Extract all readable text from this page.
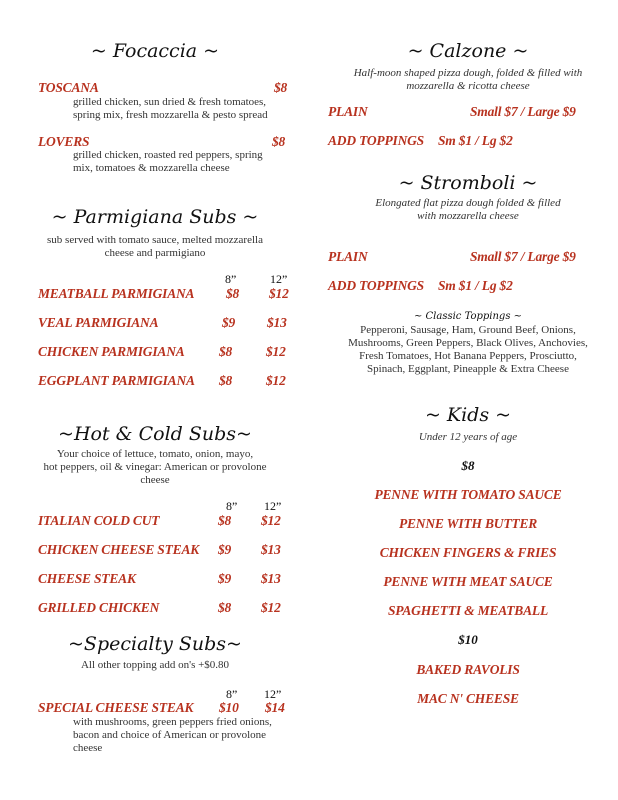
~ Focaccia ~
TOSCANA	$8
grilled chicken, sun dried & fresh tomatoes,
spring mix, fresh mozzarella & pesto spread
LOVERS	$8
grilled chicken, roasted red peppers, spring
mix, tomatoes & mozzarella cheese
~ Parmigiana Subs ~
sub served with tomato sauce, melted mozzarella
cheese and parmigiano
8”	12”
MEATBALL PARMIGIANA $8 $12
VEAL PARMIGIANA	$9 $13
CHICKEN PARMIGIANA	$8	$12
EGGPLANT PARMIGIANA $8	$12
~Hot & Cold Subs~
Your choice of lettuce, tomato, onion, mayo,
hot peppers, oil & vinegar: American or provolone
cheese
8” 12”
ITALIAN COLD CUT	$8 $12
CHICKEN CHEESE STEAK $9 $13
CHEESE STEAK	$9 $13
GRILLED CHICKEN	$8 $12
~Specialty Subs~
All other topping add on's +$0.80
8” 12”
SPECIAL CHEESE STEAK $10 $14
with mushrooms, green peppers fried onions,
bacon and choice of American or provolone
cheese
~ Calzone ~
Half-moon shaped pizza dough, folded & filled with
mozzarella & ricotta cheese
PLAIN	Small $7 / Large $9
ADD TOPPINGS Sm $1 / Lg $2
~ Stromboli ~
Elongated flat pizza dough folded & filled
with mozzarella cheese
PLAIN	Small $7 / Large $9
ADD TOPPINGS Sm $1 / Lg $2
~ Classic Toppings ~
Pepperoni, Sausage, Ham, Ground Beef, Onions,
Mushrooms, Green Peppers, Black Olives, Anchovies,
Fresh Tomatoes, Hot Banana Peppers, Prosciutto,
Spinach, Eggplant, Pineapple & Extra Cheese
~ Kids ~
Under 12 years of age
$8
PENNE WITH TOMATO SAUCE
PENNE WITH BUTTER
CHICKEN FINGERS & FRIES
PENNE WITH MEAT SAUCE
SPAGHETTI & MEATBALL
$10
BAKED RAVOLIS
MAC N' CHEESE
